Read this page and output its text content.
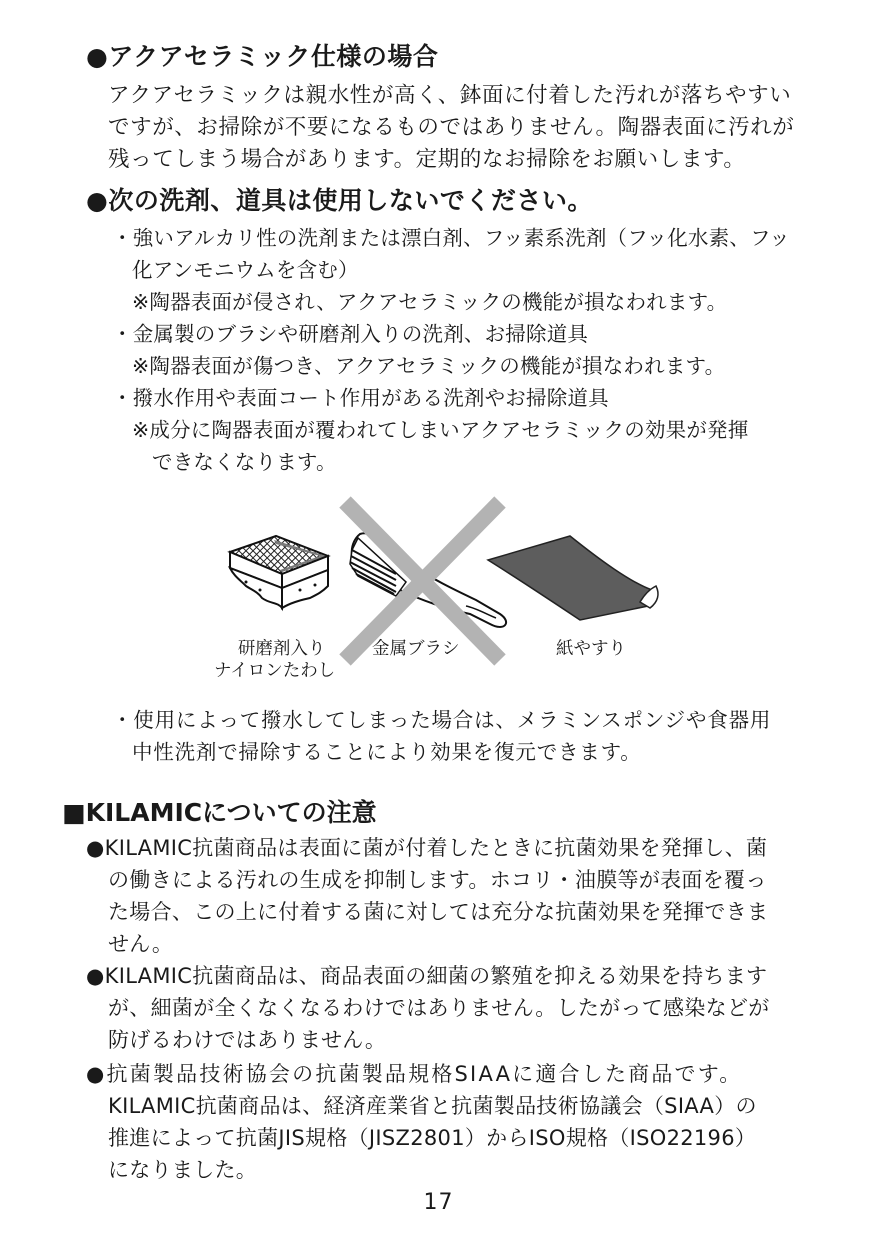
●アクアセラミック仕様の場合
アクアセラミックは親水性が高く、鉢面に付着した汚れが落ちやすい
ですが、お掃除が不要になるものではありません。陶器表面に汚れが
残ってしまう場合があります。定期的なお掃除をお願いします。
●次の洗剤、道具は使用しないでください。
・強いアルカリ性の洗剤または漂白剤、フッ素系洗剤（フッ化水素、フッ
化アンモニウムを含む）
※陶器表面が侵され、アクアセラミックの機能が損なわれます。
・金属製のブラシや研磨剤入りの洗剤、お掃除道具
※陶器表面が傷つき、アクアセラミックの機能が損なわれます。
・撥水作用や表面コート作用がある洗剤やお掃除道具
※成分に陶器表面が覆われてしまいアクアセラミックの効果が発揮
できなくなります。
研磨剤入り
ナイロンたわし
金属ブラシ	紙やすり
・使用によって撥水してしまった場合は、メラミンスポンジや食器用
中性洗剤で掃除することにより効果を復元できます。
■KILAMICについての注意
●KILAMIC抗菌商品は表面に菌が付着したときに抗菌効果を発揮し、菌
の働きによる汚れの生成を抑制します。ホコリ・油膜等が表面を覆っ
た場合、この上に付着する菌に対しては充分な抗菌効果を発揮できま
せん。
●KILAMIC抗菌商品は、商品表面の細菌の繁殖を抑える効果を持ちます
が、細菌が全くなくなるわけではありません。したがって感染などが
防げるわけではありません。
●抗菌製品技術協会の抗菌製品規格SIAAに適合した商品です。
KILAMIC抗菌商品は、経済産業省と抗菌製品技術協議会（SIAA）の
推進によって抗菌JIS規格（JISZ2801）からISO規格（ISO22196）
になりました。
17
